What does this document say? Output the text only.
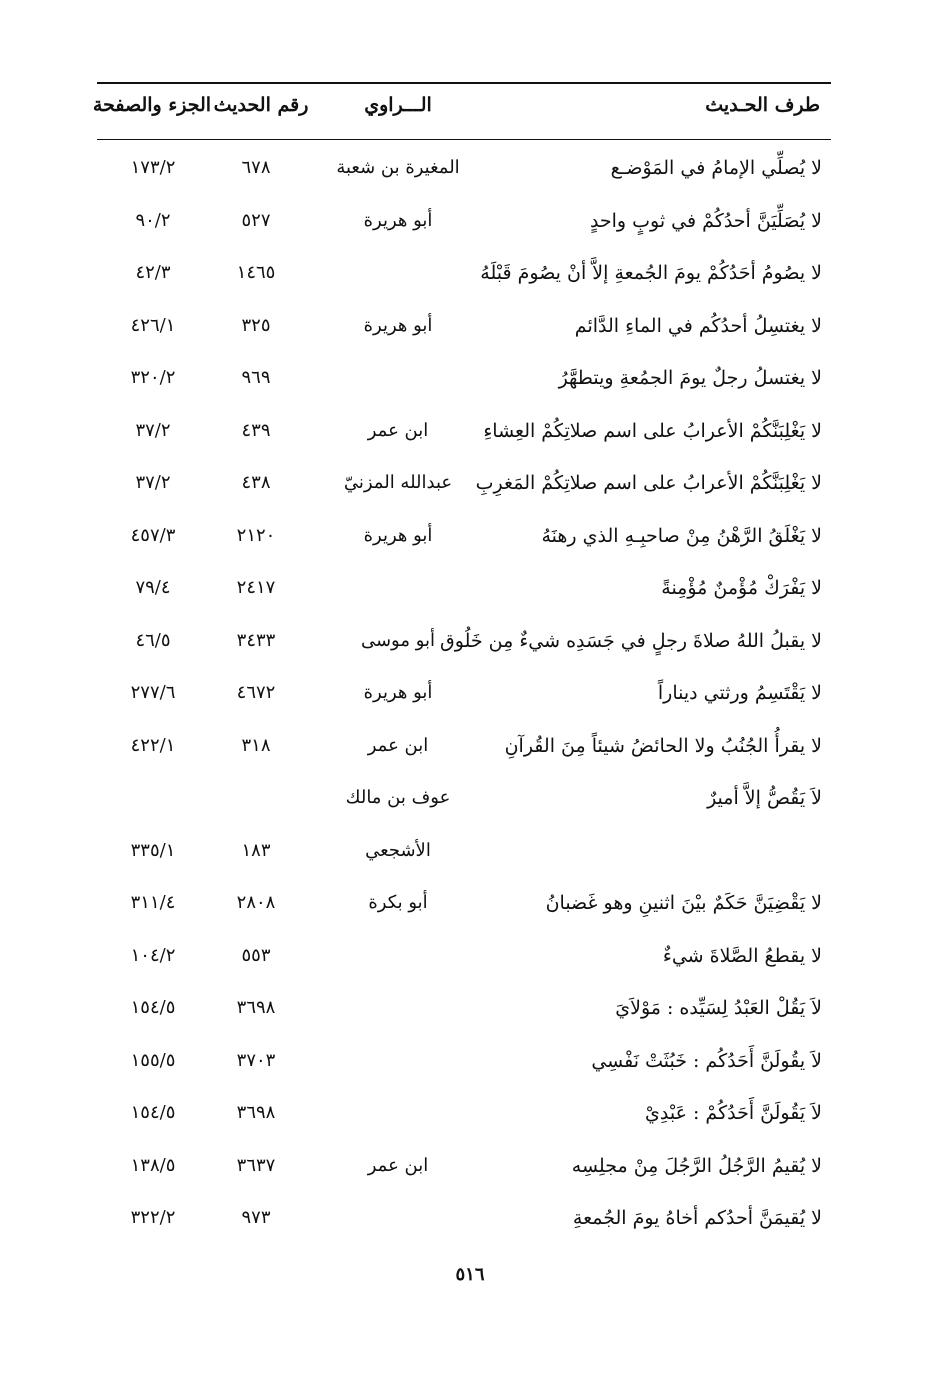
طرف الحـديث
الـــراوي
رقم الحديث
الجزء والصفحة
لا يُصلِّي الإمامُ في المَوْضـع
المغيرة بن شعبة
٦٧٨
١٧٣/٢
لا يُصَلِّيَنَّ أحدُكُمْ في ثوبٍ واحدٍ
أبو هريرة
٥٢٧
٩٠/٢
لا يصُومُ أحَدُكُمْ يومَ الجُمعةِ إلاَّ أنْ يصُومَ قَبْلَهُ
١٤٦٥
٤٢/٣
لا يغتسِلُ أحدُكُم في الماءِ الدَّائم
أبو هريرة
٣٢٥
٤٢٦/١
لا يغتسلُ رجلٌ يومَ الجمُعةِ ويتطهَّرُ
٩٦٩
٣٢٠/٢
لا يَغْلِبَنَّكُمْ الأعرابُ على اسم صلاتِكُمْ العِشاءِ
ابن عمر
٤٣٩
٣٧/٢
لا يَغْلِبَنَّكُمْ الأعرابُ على اسم صلاتِكُمْ المَغرِبِ
عبدالله المزنيّ
٤٣٨
٣٧/٢
لا يَغْلَقُ الرَّهْنُ مِنْ صاحبِـهِ الذي رهنَهُ
أبو هريرة
٢١٢٠
٤٥٧/٣
لا يَفْرَكْ مُؤْمنٌ مُؤْمِنةً
٢٤١٧
٧٩/٤
لا يقبلُ اللهُ صلاةَ رجلٍ في جَسَدِه شيءٌ مِن خَلُوق
أبو موسى
٣٤٣٣
٤٦/٥
لا يَقْتَسِمُ ورثتي ديناراً
أبو هريرة
٤٦٧٢
٢٧٧/٦
لا يقرأُ الجُنُبُ ولا الحائضُ شيئاً مِنَ القُرآنِ
ابن عمر
٣١٨
٤٢٢/١
لاَ يَقُصُّ إلاَّ أميرٌ
عوف بن مالك
الأشجعي
١٨٣
٣٣٥/١
لا يَقْضِيَنَّ حَكَمٌ بيْنَ اثنينِ وهو غَضبانُ
أبو بكرة
٢٨٠٨
٣١١/٤
لا يقطعُ الصَّلاةَ شيءٌ
٥٥٣
١٠٤/٢
لاَ يَقُلْ العَبْدُ لِسَيِّده : مَوْلاَيَ
٣٦٩٨
١٥٤/٥
لاَ يقُولَنَّ أَحَدُكُم : خَبُثَتْ نَفْسِي
٣٧٠٣
١٥٥/٥
لاَ يَقُولَنَّ أَحَدُكُمْ : عَبْدِيْ
٣٦٩٨
١٥٤/٥
لا يُقيمُ الرَّجُلُ الرَّجُلَ مِنْ مجلِسِه
ابن عمر
٣٦٣٧
١٣٨/٥
لا يُقيمَنَّ أحدُكم أخاهُ يومَ الجُمعةِ
٩٧٣
٣٢٢/٢
٥١٦
